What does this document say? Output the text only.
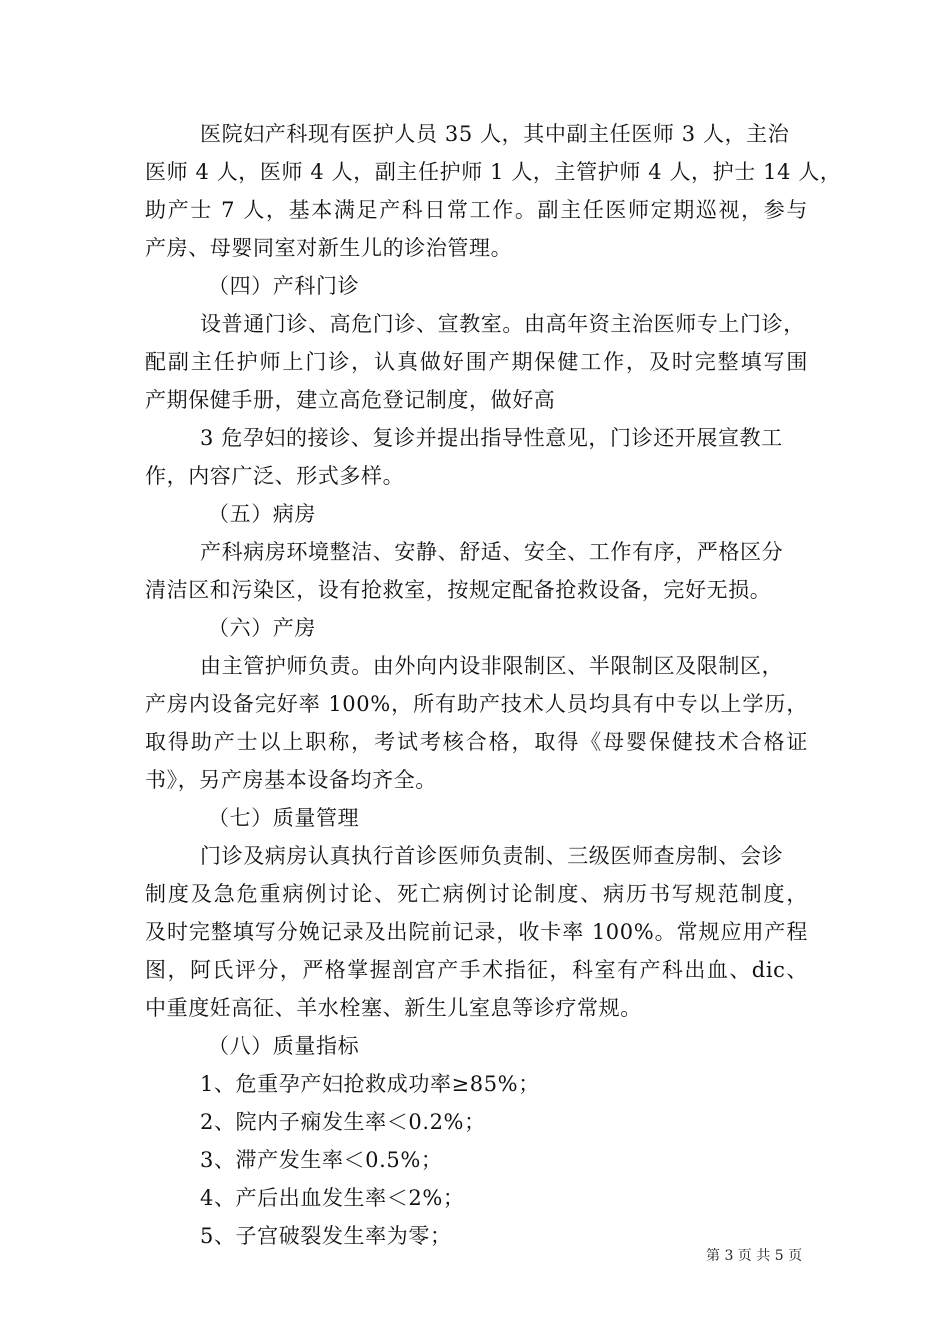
医院妇产科现有医护人员 35 人，其中副主任医师 3 人，主治
医师 4 人，医师 4 人，副主任护师 1 人，主管护师 4 人，护士 14 人，
助产士 7 人，基本满足产科日常工作。副主任医师定期巡视，参与
产房、母婴同室对新生儿的诊治管理。
（四）产科门诊
设普通门诊、高危门诊、宣教室。由高年资主治医师专上门诊，
配副主任护师上门诊，认真做好围产期保健工作，及时完整填写围
产期保健手册，建立高危登记制度，做好高
3 危孕妇的接诊、复诊并提出指导性意见，门诊还开展宣教工
作，内容广泛、形式多样。
（五）病房
产科病房环境整洁、安静、舒适、安全、工作有序，严格区分
清洁区和污染区，设有抢救室，按规定配备抢救设备，完好无损。
（六）产房
由主管护师负责。由外向内设非限制区、半限制区及限制区，
产房内设备完好率 100%，所有助产技术人员均具有中专以上学历，
取得助产士以上职称，考试考核合格，取得《母婴保健技术合格证
书》，另产房基本设备均齐全。
（七）质量管理
门诊及病房认真执行首诊医师负责制、三级医师查房制、会诊
制度及急危重病例讨论、死亡病例讨论制度、病历书写规范制度，
及时完整填写分娩记录及出院前记录，收卡率 100%。常规应用产程
图，阿氏评分，严格掌握剖宫产手术指征，科室有产科出血、dic、
中重度妊高征、羊水栓塞、新生儿室息等诊疗常规。
（八）质量指标
1、危重孕产妇抢救成功率≥85%；
2、院内子痫发生率＜0.2%；
3、滞产发生率＜0.5%；
4、产后出血发生率＜2%；
5、子宫破裂发生率为零；
第 3 页 共 5 页
